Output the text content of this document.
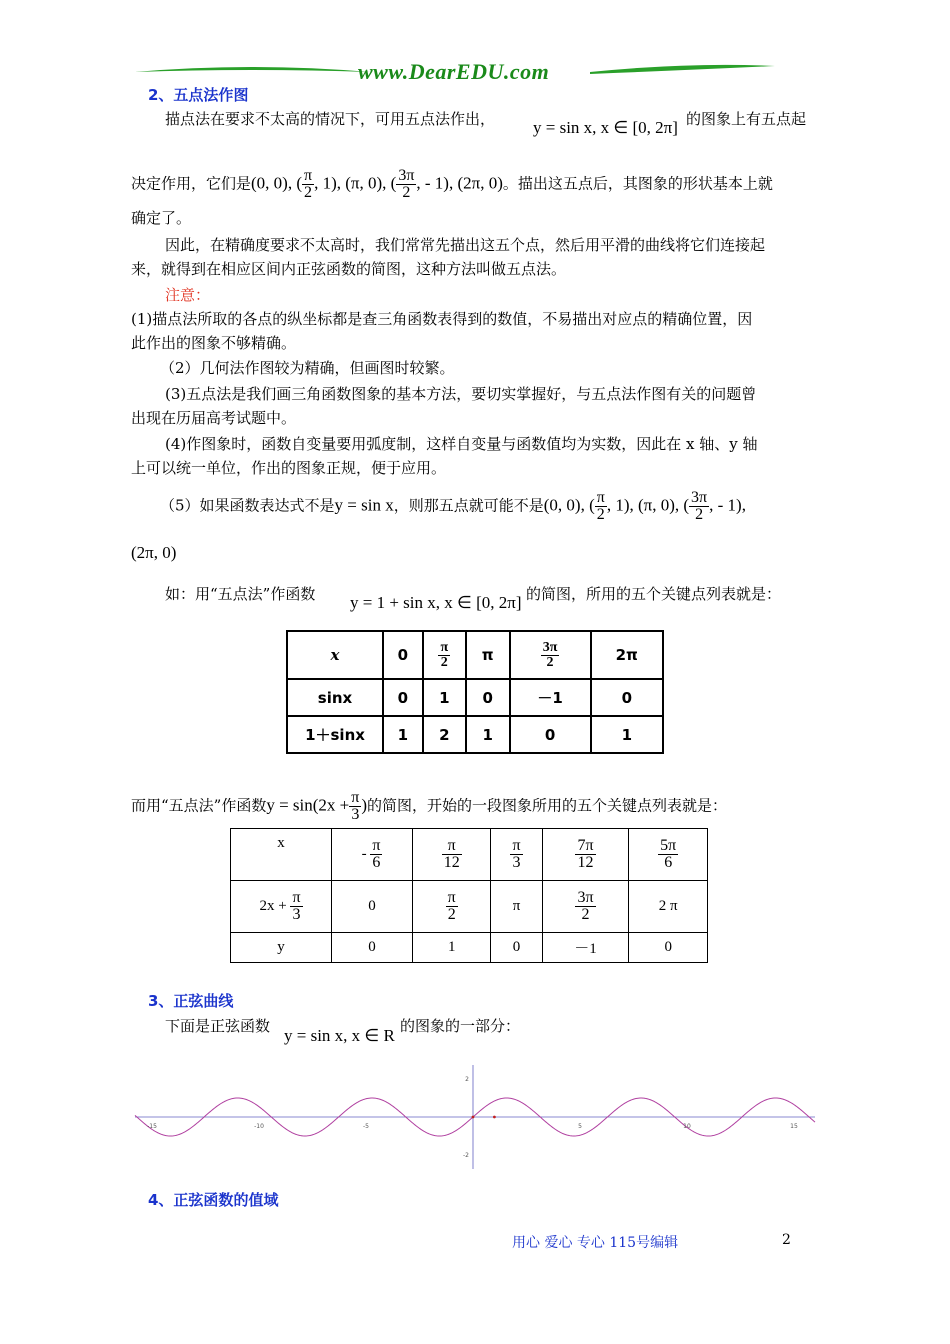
www.DearEDU.com
2、五点法作图
描点法在要求不太高的情况下，可用五点法作出，	y = sin x, x ∈ [0, 2π] 的图象上有五点起
决定作用，它们是(0, 0), ( $\frac{\pi}{2}$ , 1), (π, 0), ( $\frac{3\pi}{2}$ , - 1), (2π, 0)。描出这五点后，其图象的形状基本上就
确定了。
因此，在精确度要求不太高时，我们常常先描出这五个点，然后用平滑的曲线将它们连接起
来，就得到在相应区间内正弦函数的简图，这种方法叫做五点法。
注意：
(1)描点法所取的各点的纵坐标都是查三角函数表得到的数值，不易描出对应点的精确位置，因
此作出的图象不够精确。
（2）几何法作图较为精确，但画图时较繁。
(3)五点法是我们画三角函数图象的基本方法，要切实掌握好，与五点法作图有关的问题曾
出现在历届高考试题中。
(4)作图象时，函数自变量要用弧度制，这样自变量与函数值均为实数，因此在 x 轴、y 轴
上可以统一单位，作出的图象正规，便于应用。
（5）如果函数表达式不是y = sin x，则那五点就可能不是(0, 0), ( $\frac{\pi}{2}$ , 1), (π, 0), ( $\frac{3\pi}{2}$ , - 1),
(2π, 0)
如：用“五点法”作函数 y = 1 + sin x, x ∈ [0, 2π] 的简图，所用的五个关键点列表就是：
x	0	$\frac{\pi}{2}$	π	$\frac{3\pi}{2}$	2π
sinx	0	1	0	－1	0
1＋sinx	1	2	1	0	1
而用“五点法”作函数$y = \sin(2x + \frac{\pi}{3}$ )的简图，开始的一段图象所用的五个关键点列表就是：
x	- $\frac{\pi}{6}$	$\frac{\pi}{12}$	$\frac{\pi}{3}$	$\frac{7\pi}{12}$	$\frac{5\pi}{6}$

$2x + \frac{\pi}{3}$	0	$\frac{\pi}{2}$	π	$\frac{3\pi}{2}$	2 π
y	0	1	0	－1	0
3、正弦曲线
下面是正弦函数 y = sin x, x ∈ R 的图象的一部分：
-15	-10	-5	5	10	15
2
-2
4、正弦函数的值域
用心 爱心 专心 115号编辑	2
